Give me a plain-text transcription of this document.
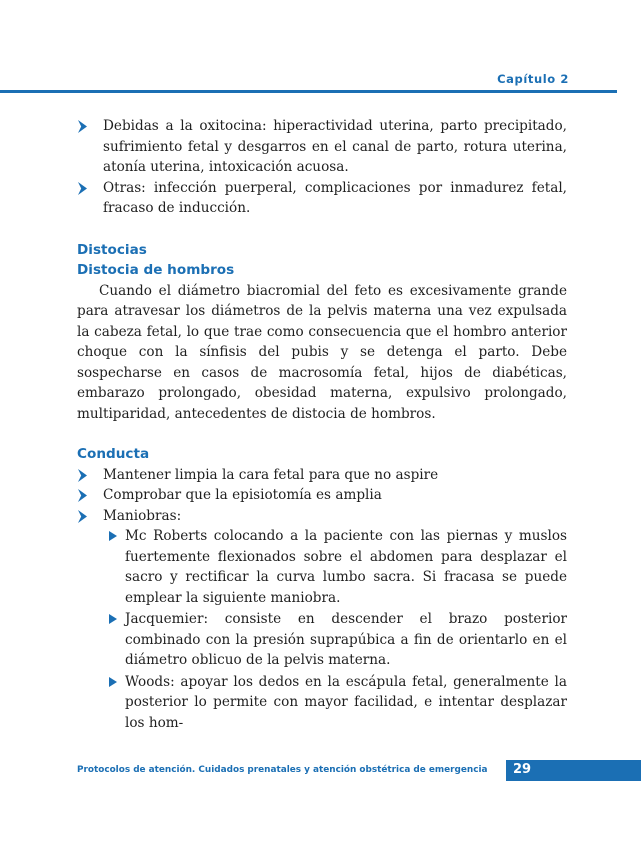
Capítulo 2
Debidas a la oxitocina: hiperactividad uterina, parto precipitado, sufrimiento fetal y desgarros en el canal de parto, rotura uterina, atonía uterina, intoxicación acuosa.
Otras: infección puerperal, complicaciones por inmadurez fetal, fracaso de inducción.
Distocias
Distocia de hombros

Cuando el diámetro biacromial del feto es excesivamente grande para atravesar los diámetros de la pelvis materna una vez expulsada la cabeza fetal, lo que trae como consecuencia que el hombro anterior choque con la sínfisis del pubis y se detenga el parto. Debe sospecharse en casos de macrosomía fetal, hijos de diabéticas, embarazo prolongado, obesidad materna, expulsivo prolongado, multiparidad, antecedentes de distocia de hombros.

Conducta
Mantener limpia la cara fetal para que no aspire
Comprobar que la episiotomía es amplia
Maniobras:
Mc Roberts colocando a la paciente con las piernas y muslos fuertemente flexionados sobre el abdomen para desplazar el sacro y rectificar la curva lumbo sacra. Si fracasa se puede emplear la siguiente maniobra.
Jacquemier: consiste en descender el brazo posterior combinado con la presión suprapúbica a fin de orientarlo en el diámetro oblicuo de la pelvis materna.
Woods: apoyar los dedos en la escápula fetal, generalmente la posterior lo permite con mayor facilidad, e intentar desplazar los hom-
Protocolos de atención. Cuidados prenatales y atención obstétrica de emergencia 29
